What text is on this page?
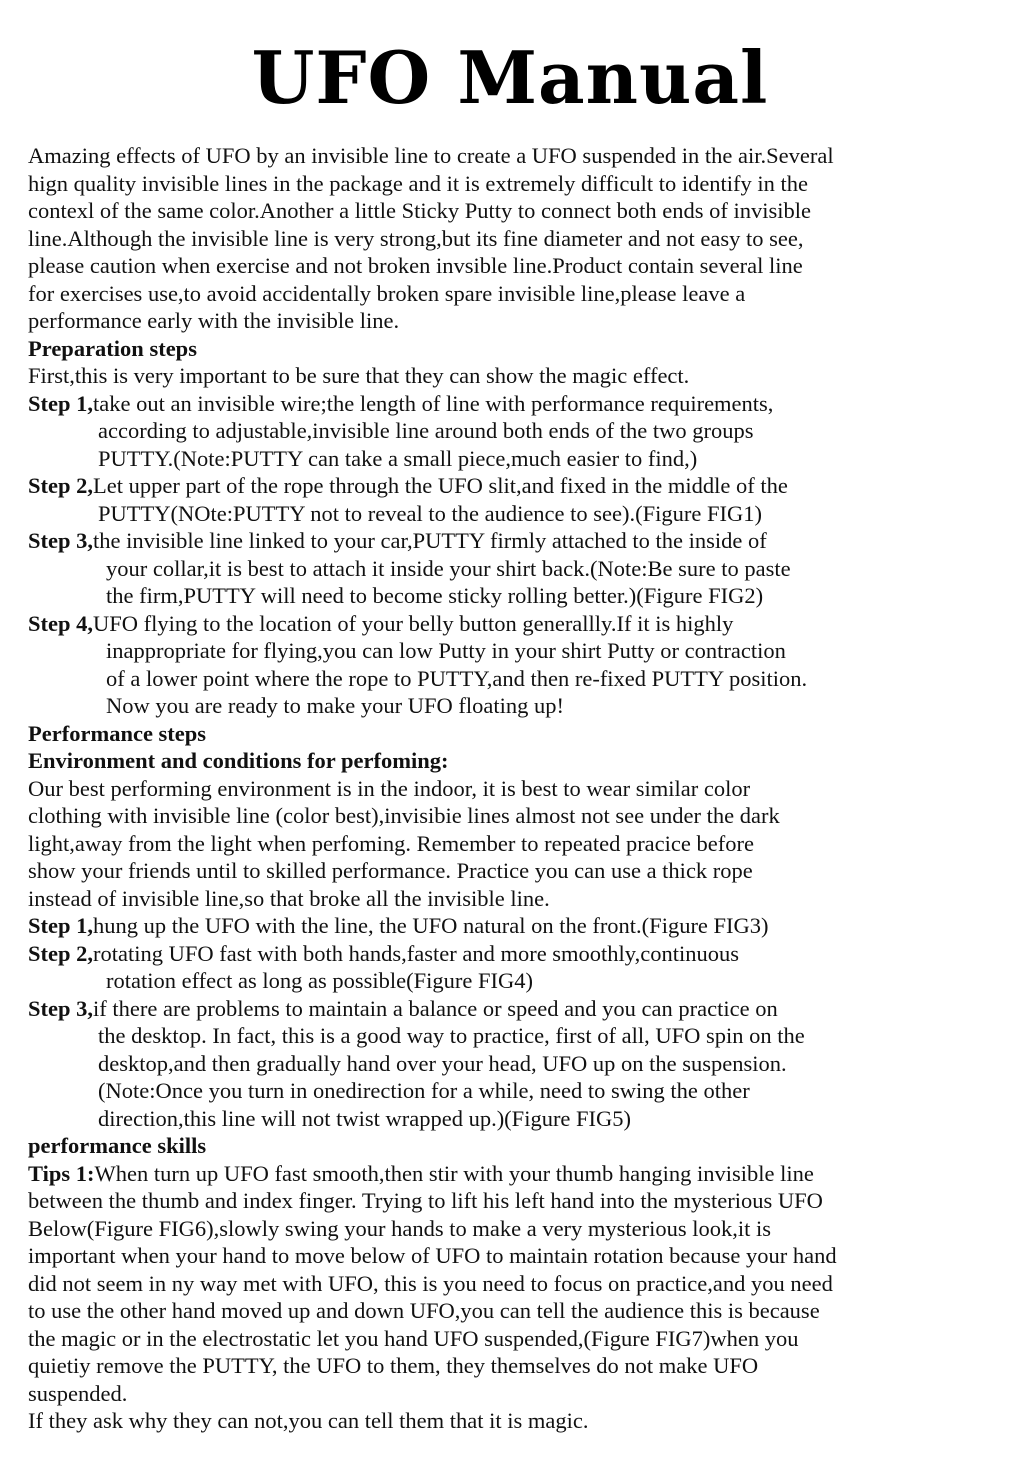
UFO Manual
Amazing effects of UFO by an invisible line to create a UFO suspended in the air.Several
hign quality invisible lines in the package and it is extremely difficult to identify in the
contexl of the same color.Another a little Sticky Putty to connect both ends of invisible
line.Although the invisible line is very strong,but its fine diameter and not easy to see,
please caution when exercise and not broken invsible line.Product contain several line
for exercises use,to avoid accidentally broken spare invisible line,please leave a
performance early with the invisible line.
Preparation steps
First,this is very important to be sure that they can show the magic effect.
Step 1,take out an invisible wire;the length of line with performance requirements,
according to adjustable,invisible line around both ends of the two groups
PUTTY.(Note:PUTTY can take a small piece,much easier to find,)
Step 2,Let upper part of the rope through the UFO slit,and fixed in the middle of the
PUTTY(NOte:PUTTY not to reveal to the audience to see).(Figure FIG1)
Step 3,the invisible line linked to your car,PUTTY firmly attached to the inside of
your collar,it is best to attach it inside your shirt back.(Note:Be sure to paste
the firm,PUTTY will need to become sticky rolling better.)(Figure FIG2)
Step 4,UFO flying to the location of your belly button generallly.If it is highly
inappropriate for flying,you can low Putty in your shirt Putty or contraction
of a lower point where the rope to PUTTY,and then re-fixed PUTTY position.
Now you are ready to make your UFO floating up!
Performance steps
Environment and conditions for perfoming:
Our best performing environment is in the indoor, it is best to wear similar color
clothing with invisible line (color best),invisibie lines almost not see under the dark
light,away from the light when perfoming. Remember to repeated pracice before
show your friends until to skilled performance. Practice you can use a thick rope
instead of invisible line,so that broke all the invisible line.
Step 1,hung up the UFO with the line, the UFO natural on the front.(Figure FIG3)
Step 2,rotating UFO fast with both hands,faster and more smoothly,continuous
rotation effect as long as possible(Figure FIG4)
Step 3,if there are problems to maintain a balance or speed and you can practice on
the desktop. In fact, this is a good way to practice, first of all, UFO spin on the
desktop,and then gradually hand over your head, UFO up on the suspension.
(Note:Once you turn in onedirection for a while, need to swing the other
direction,this line will not twist wrapped up.)(Figure FIG5)
performance skills
Tips 1:When turn up UFO fast smooth,then stir with your thumb hanging invisible line
between the thumb and index finger. Trying to lift his left hand into the mysterious UFO
Below(Figure FIG6),slowly swing your hands to make a very mysterious look,it is
important when your hand to move below of UFO to maintain rotation because your hand
did not seem in ny way met with UFO, this is you need to focus on practice,and you need
to use the other hand moved up and down UFO,you can tell the audience this is because
the magic or in the electrostatic let you hand UFO suspended,(Figure FIG7)when you
quietiy remove the PUTTY, the UFO to them, they themselves do not make UFO
suspended.
If they ask why they can not,you can tell them that it is magic.
